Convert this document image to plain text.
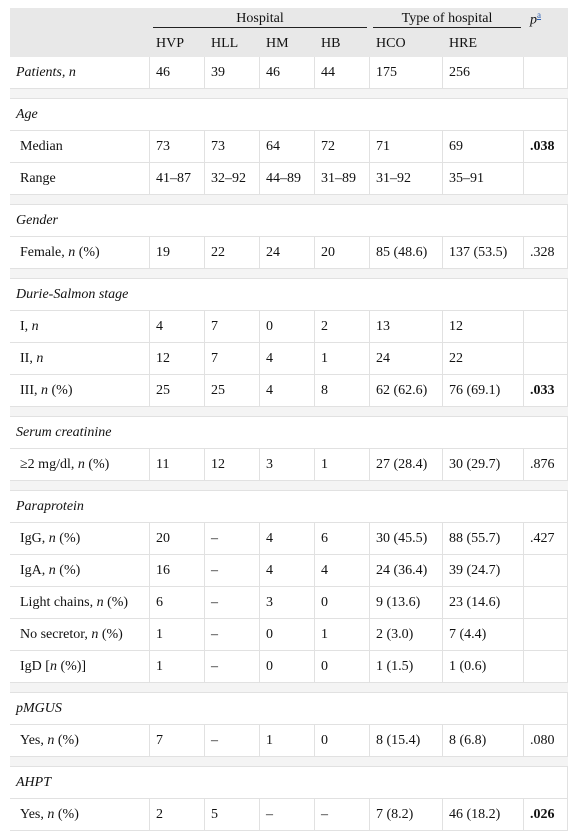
	Hospital				Type of hospital		$p^a$
	HVP	HLL	HM	HB	HCO	HRE	
Patients, n	46	39	46	44	175	256	

Age							
Median	73	73	64	72	71	69	.038
Range	41–87	32–92	44–89	31–89	31–92	35–91	

Gender							
Female, n (%)	19	22	24	20	85 (48.6)	137 (53.5)	.328

Durie-Salmon stage							
I, n	4	7	0	2	13	12	
II, n	12	7	4	1	24	22	
III, n (%)	25	25	4	8	62 (62.6)	76 (69.1)	.033

Serum creatinine							
≥2 mg/dl, n (%)	11	12	3	1	27 (28.4)	30 (29.7)	.876

Paraprotein							
IgG, n (%)	20	–	4	6	30 (45.5)	88 (55.7)	.427
IgA, n (%)	16	–	4	4	24 (36.4)	39 (24.7)	
Light chains, n (%)	6	–	3	0	9 (13.6)	23 (14.6)	
No secretor, n (%)	1	–	0	1	2 (3.0)	7 (4.4)	
IgD [n (%)]	1	–	0	0	1 (1.5)	1 (0.6)	

pMGUS							
Yes, n (%)	7	–	1	0	8 (15.4)	8 (6.8)	.080

AHPT							
Yes, n (%)	2	5	–	–	7 (8.2)	46 (18.2)	.026
